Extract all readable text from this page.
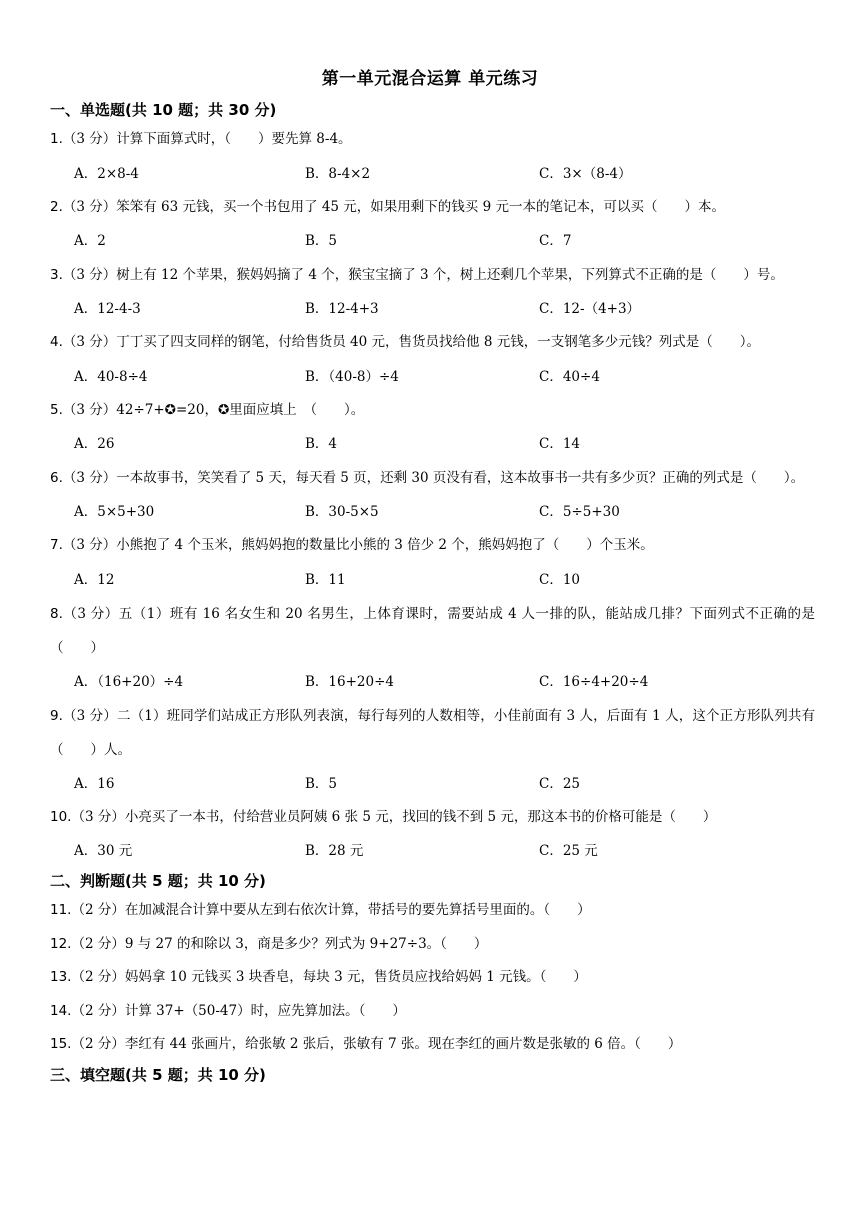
第一单元混合运算 单元练习
一、单选题(共 10 题；共 30 分)
1.（3 分）计算下面算式时，（　　）要先算 8-4。
A．2×8-4	B．8-4×2	C．3×（8-4）
2.（3 分）笨笨有 63 元钱，买一个书包用了 45 元，如果用剩下的钱买 9 元一本的笔记本，可以买（　　）本。
A．2	B．5	C．7
3.（3 分）树上有 12 个苹果，猴妈妈摘了 4 个，猴宝宝摘了 3 个，树上还剩几个苹果，下列算式不正确的是（　　）号。
A．12-4-3	B．12-4+3	C．12-（4+3）
4.（3 分）丁丁买了四支同样的钢笔，付给售货员 40 元，售货员找给他 8 元钱，一支钢笔多少元钱？列式是（　　）。
A．40-8÷4	B．（40-8）÷4	C．40÷4
5.（3 分）42÷7+✪=20，✪里面应填上　（　　）。
A．26	B．4	C．14
6.（3 分）一本故事书，笑笑看了 5 天，每天看 5 页，还剩 30 页没有看，这本故事书一共有多少页？正确的列式是（　　）。
A．5×5+30	B．30-5×5	C．5÷5+30
7.（3 分）小熊抱了 4 个玉米，熊妈妈抱的数量比小熊的 3 倍少 2 个，熊妈妈抱了（　　）个玉米。
A．12	B．11	C．10
8.（3 分）五（1）班有 16 名女生和 20 名男生，上体育课时，需要站成 4 人一排的队，能站成几排？下面列式不正确的是（　　）
A．（16+20）÷4	B．16+20÷4	C．16÷4+20÷4
9.（3 分）二（1）班同学们站成正方形队列表演，每行每列的人数相等，小佳前面有 3 人，后面有 1 人，这个正方形队列共有（　　）人。
A．16	B．5	C．25
10.（3 分）小亮买了一本书，付给营业员阿姨 6 张 5 元，找回的钱不到 5 元，那这本书的价格可能是（　　）
A．30 元	B．28 元	C．25 元
二、判断题(共 5 题；共 10 分)
11.（2 分）在加减混合计算中要从左到右依次计算，带括号的要先算括号里面的。（　　）
12.（2 分）9 与 27 的和除以 3，商是多少？列式为 9+27÷3。（　　）
13.（2 分）妈妈拿 10 元钱买 3 块香皂，每块 3 元，售货员应找给妈妈 1 元钱。（　　）
14.（2 分）计算 37+（50-47）时，应先算加法。（　　）
15.（2 分）李红有 44 张画片，给张敏 2 张后，张敏有 7 张。现在李红的画片数是张敏的 6 倍。（　　）
三、填空题(共 5 题；共 10 分)
